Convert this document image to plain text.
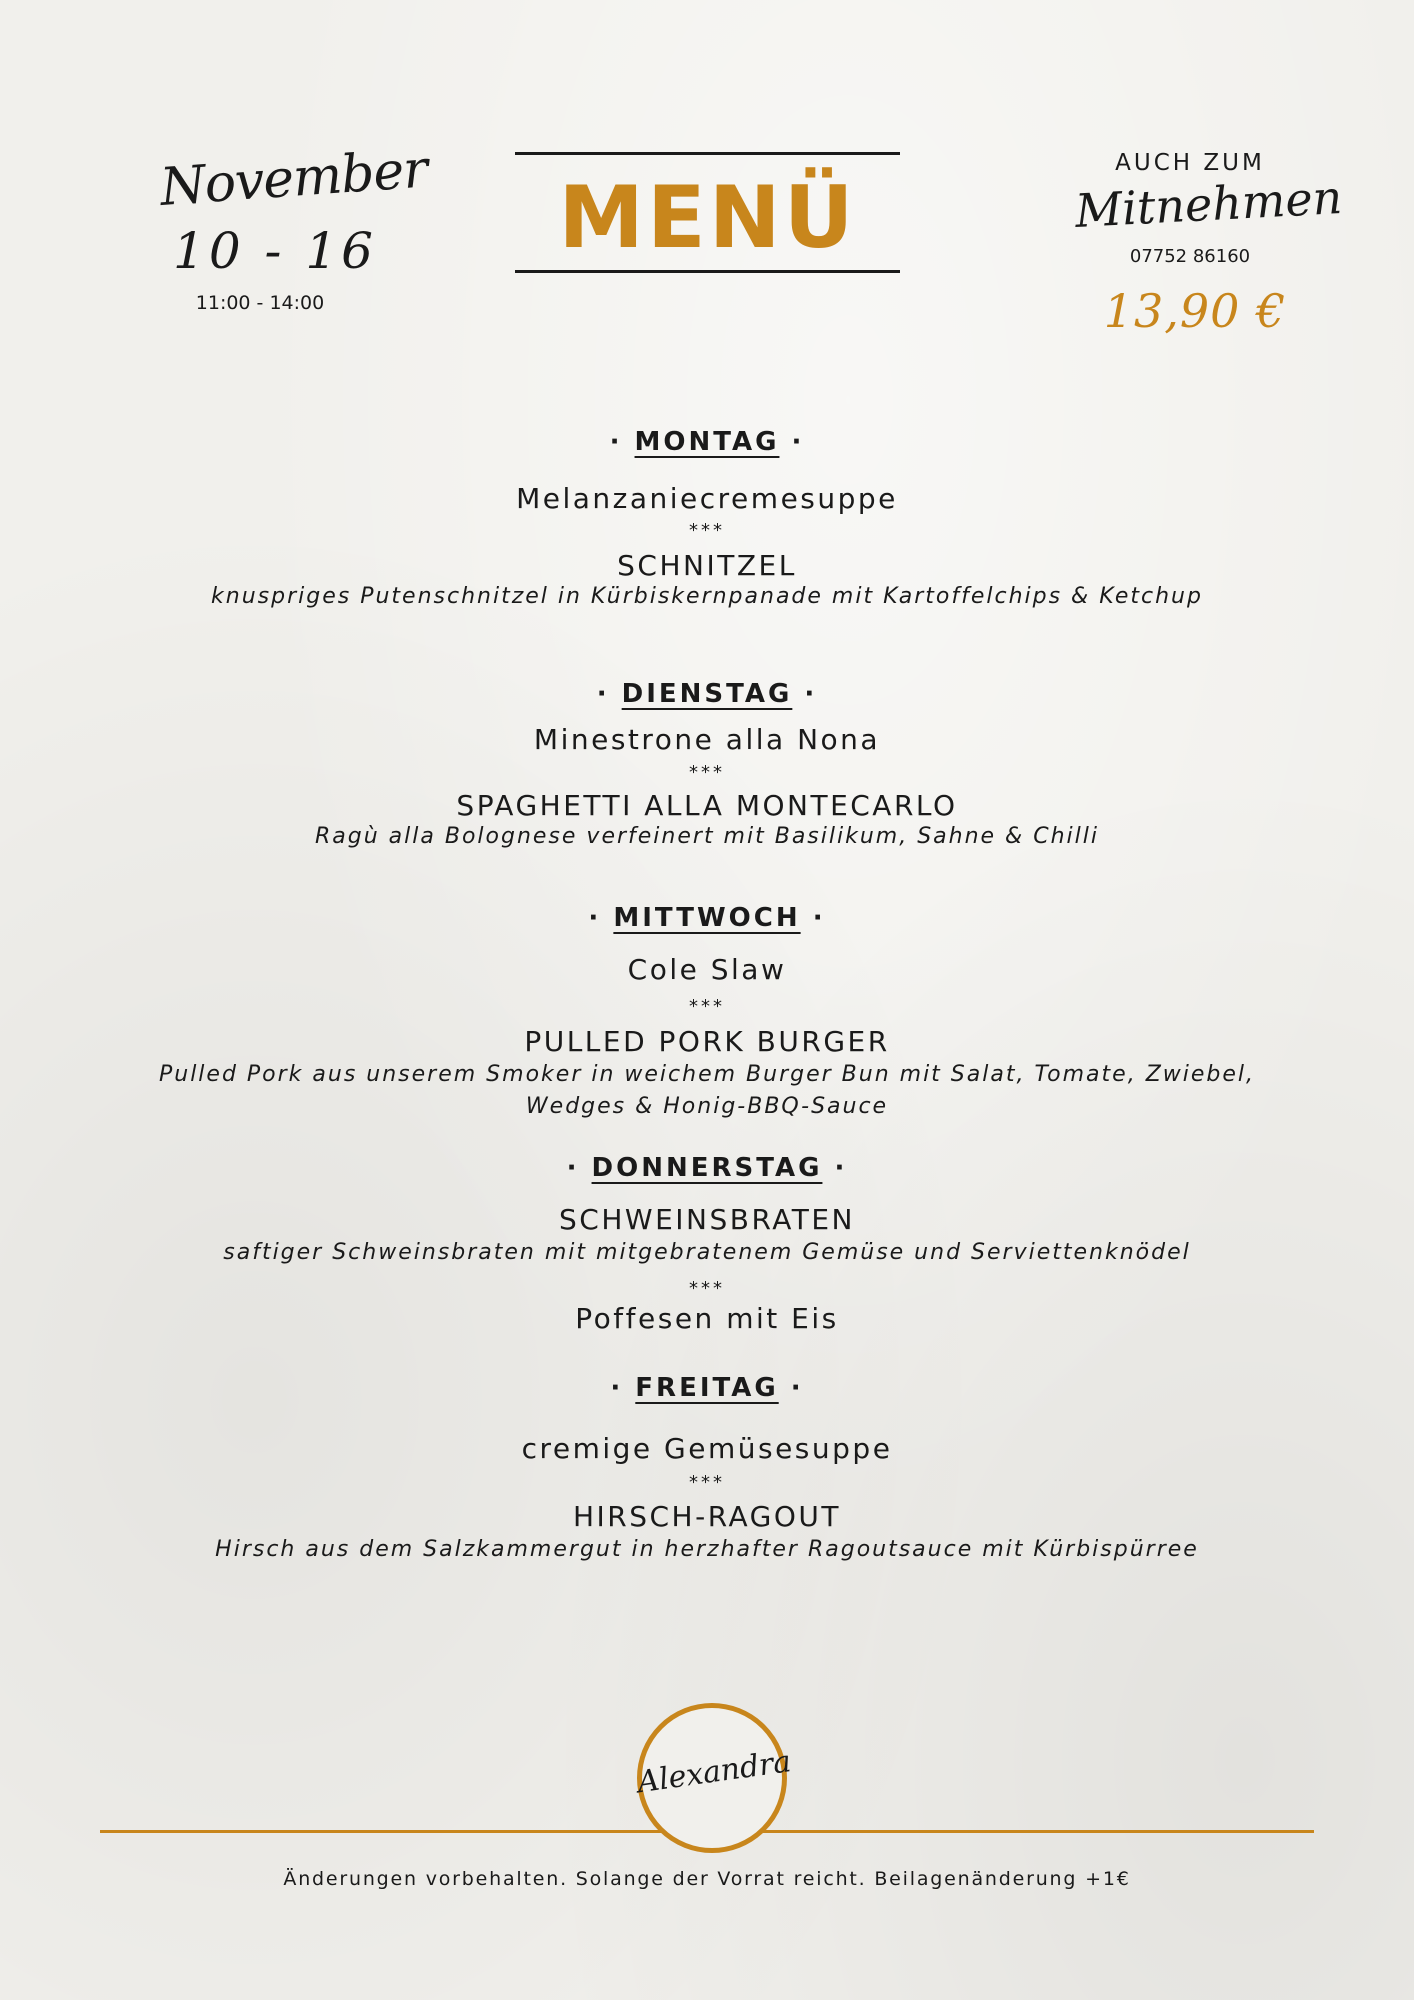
November
10 - 16
11:00 - 14:00
MENÜ
AUCH ZUM
Mitnehmen
07752 86160
13,90 €
· MONTAG ·
Melanzaniecremesuppe
***
SCHNITZEL
knuspriges Putenschnitzel in Kürbiskernpanade mit Kartoffelchips & Ketchup
· DIENSTAG ·
Minestrone alla Nona
***
SPAGHETTI ALLA MONTECARLO
Ragù alla Bolognese verfeinert mit Basilikum, Sahne & Chilli
· MITTWOCH ·
Cole Slaw
***
PULLED PORK BURGER
Pulled Pork aus unserem Smoker in weichem Burger Bun mit Salat, Tomate, Zwiebel,
Wedges & Honig-BBQ-Sauce
· DONNERSTAG ·
SCHWEINSBRATEN
saftiger Schweinsbraten mit mitgebratenem Gemüse und Serviettenknödel
***
Poffesen mit Eis
· FREITAG ·
cremige Gemüsesuppe
***
HIRSCH-RAGOUT
Hirsch aus dem Salzkammergut in herzhafter Ragoutsauce mit Kürbispürree
Alexandra
Änderungen vorbehalten. Solange der Vorrat reicht. Beilagenänderung +1€
